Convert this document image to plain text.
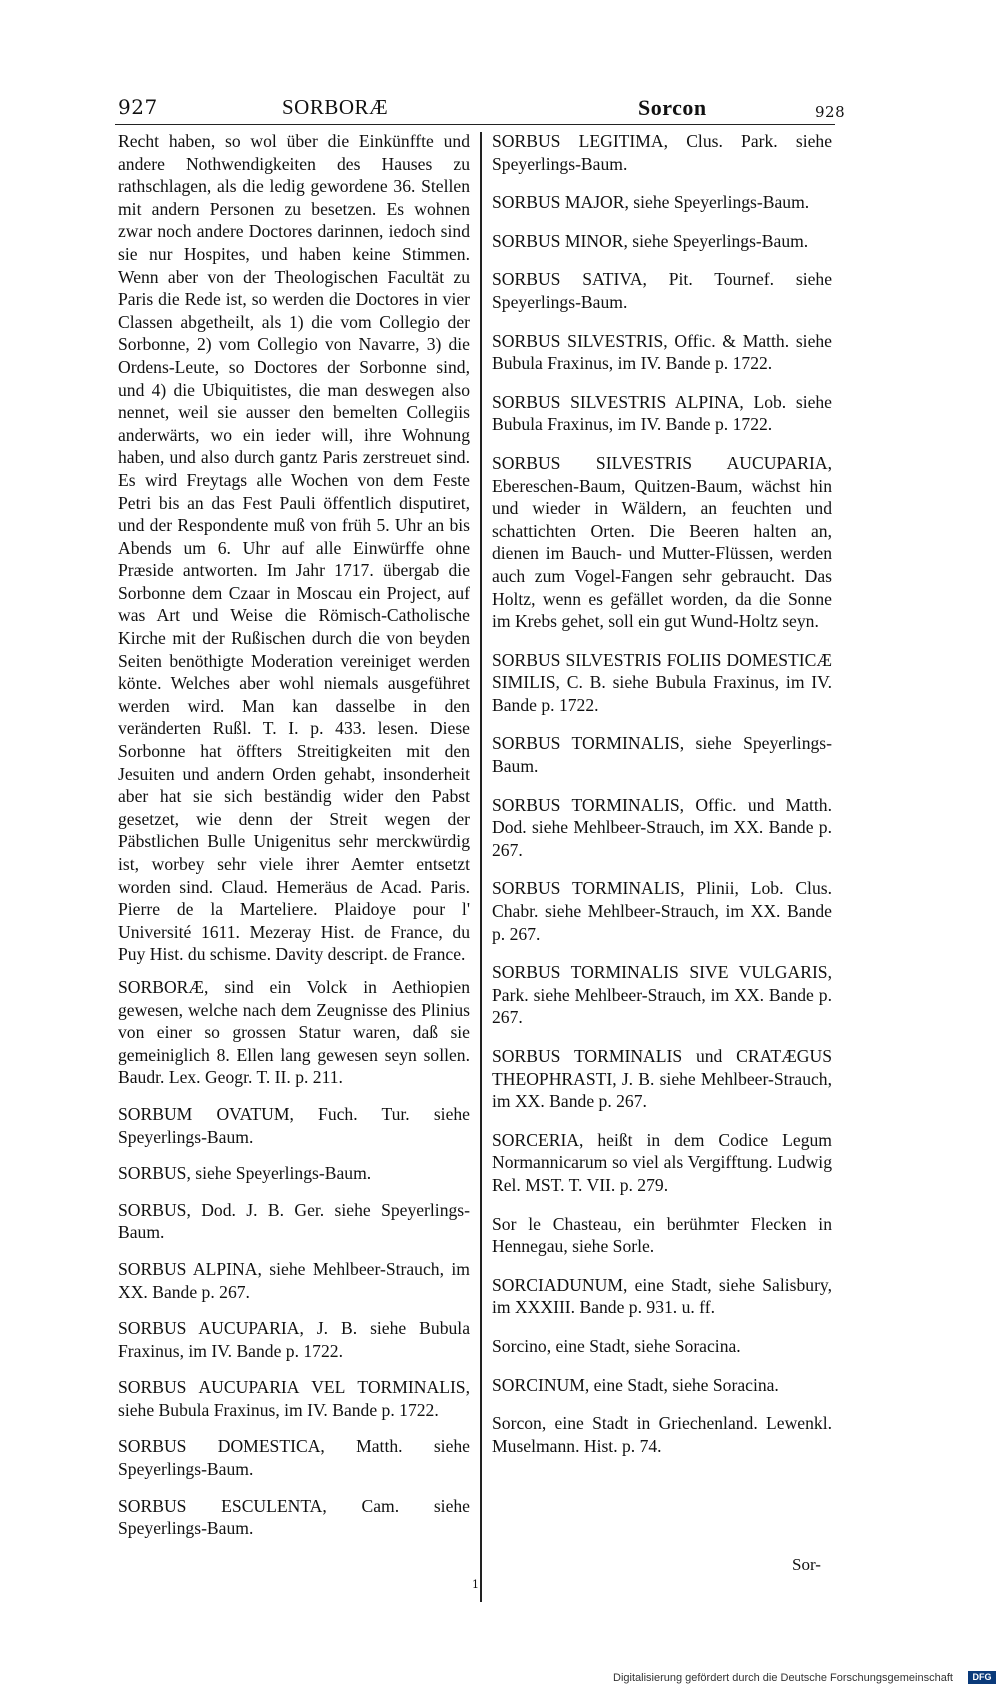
927	SORBORÆ	Sorcon	928

Recht haben, so wol über die Einkünffte und andere Nothwendigkeiten des Hauses zu rathschlagen, als die ledig gewordene 36. Stellen mit andern Personen zu besetzen. Es wohnen zwar noch andere Doctores darinnen, iedoch sind sie nur Hospites, und haben keine Stimmen. Wenn aber von der Theologischen Facultät zu Paris die Rede ist, so werden die Doctores in vier Classen abgetheilt, als 1) die vom Collegio der Sorbonne, 2) vom Collegio von Navarre, 3) die Ordens-Leute, so Doctores der Sorbonne sind, und 4) die Ubiquitistes, die man deswegen also nennet, weil sie ausser den bemelten Collegiis anderwärts, wo ein ieder will, ihre Wohnung haben, und also durch gantz Paris zerstreuet sind. Es wird Freytags alle Wochen von dem Feste Petri bis an das Fest Pauli öffentlich disputiret, und der Respondente muß von früh 5. Uhr an bis Abends um 6. Uhr auf alle Einwürffe ohne Præside antworten. Im Jahr 1717. übergab die Sorbonne dem Czaar in Moscau ein Project, auf was Art und Weise die Römisch-Catholische Kirche mit der Rußischen durch die von beyden Seiten benöthigte Moderation vereiniget werden könte. Welches aber wohl niemals ausgeführet werden wird. Man kan dasselbe in den veränderten Rußl. T. I. p. 433. lesen. Diese Sorbonne hat öffters Streitigkeiten mit den Jesuiten und andern Orden gehabt, insonderheit aber hat sie sich beständig wider den Pabst gesetzet, wie denn der Streit wegen der Päbstlichen Bulle Unigenitus sehr merckwürdig ist, worbey sehr viele ihrer Aemter entsetzt worden sind. Claud. Hemeräus de Acad. Paris. Pierre de la Marteliere. Plaidoye pour l' Université 1611. Mezeray Hist. de France, du Puy Hist. du schisme. Davity descript. de France.

SORBORÆ, sind ein Volck in Aethiopien gewesen, welche nach dem Zeugnisse des Plinius von einer so grossen Statur waren, daß sie gemeiniglich 8. Ellen lang gewesen seyn sollen. Baudr. Lex. Geogr. T. II. p. 211.

SORBUM OVATUM, Fuch. Tur. siehe Speyerlings-Baum.

SORBUS, siehe Speyerlings-Baum.

SORBUS, Dod. J. B. Ger. siehe Speyerlings-Baum.

SORBUS ALPINA, siehe Mehlbeer-Strauch, im XX. Bande p. 267.

SORBUS AUCUPARIA, J. B. siehe Bubula Fraxinus, im IV. Bande p. 1722.

SORBUS AUCUPARIA VEL TORMINALIS, siehe Bubula Fraxinus, im IV. Bande p. 1722.

SORBUS DOMESTICA, Matth. siehe Speyerlings-Baum.

SORBUS ESCULENTA, Cam. siehe Speyerlings-Baum.

SORBUS LEGITIMA, Clus. Park. siehe Speyerlings-Baum.

SORBUS MAJOR, siehe Speyerlings-Baum.

SORBUS MINOR, siehe Speyerlings-Baum.

SORBUS SATIVA, Pit. Tournef. siehe Speyerlings-Baum.

SORBUS SILVESTRIS, Offic. & Matth. siehe Bubula Fraxinus, im IV. Bande p. 1722.

SORBUS SILVESTRIS ALPINA, Lob. siehe Bubula Fraxinus, im IV. Bande p. 1722.

SORBUS SILVESTRIS AUCUPARIA, Ebereschen-Baum, Quitzen-Baum, wächst hin und wieder in Wäldern, an feuchten und schattichten Orten. Die Beeren halten an, dienen im Bauch- und Mutter-Flüssen, werden auch zum Vogel-Fangen sehr gebraucht. Das Holtz, wenn es gefället worden, da die Sonne im Krebs gehet, soll ein gut Wund-Holtz seyn.

SORBUS SILVESTRIS FOLIIS DOMESTICÆ SIMILIS, C. B. siehe Bubula Fraxinus, im IV. Bande p. 1722.

SORBUS TORMINALIS, siehe Speyerlings-Baum.

SORBUS TORMINALIS, Offic. und Matth. Dod. siehe Mehlbeer-Strauch, im XX. Bande p. 267.

SORBUS TORMINALIS, Plinii, Lob. Clus. Chabr. siehe Mehlbeer-Strauch, im XX. Bande p. 267.

SORBUS TORMINALIS SIVE VULGARIS, Park. siehe Mehlbeer-Strauch, im XX. Bande p. 267.

SORBUS TORMINALIS und CRATÆGUS THEOPHRASTI, J. B. siehe Mehlbeer-Strauch, im XX. Bande p. 267.

SORCERIA, heißt in dem Codice Legum Normannicarum so viel als Vergifftung. Ludwig Rel. MST. T. VII. p. 279.

Sor le Chasteau, ein berühmter Flecken in Hennegau, siehe Sorle.

SORCIADUNUM, eine Stadt, siehe Salisbury, im XXXIII. Bande p. 931. u. ff.

Sorcino, eine Stadt, siehe Soracina.

SORCINUM, eine Stadt, siehe Soracina.

Sorcon, eine Stadt in Griechenland. Lewenkl. Muselmann. Hist. p. 74.

Sor-
1
Digitalisierung gefördert durch die Deutsche Forschungsgemeinschaft	DFG
